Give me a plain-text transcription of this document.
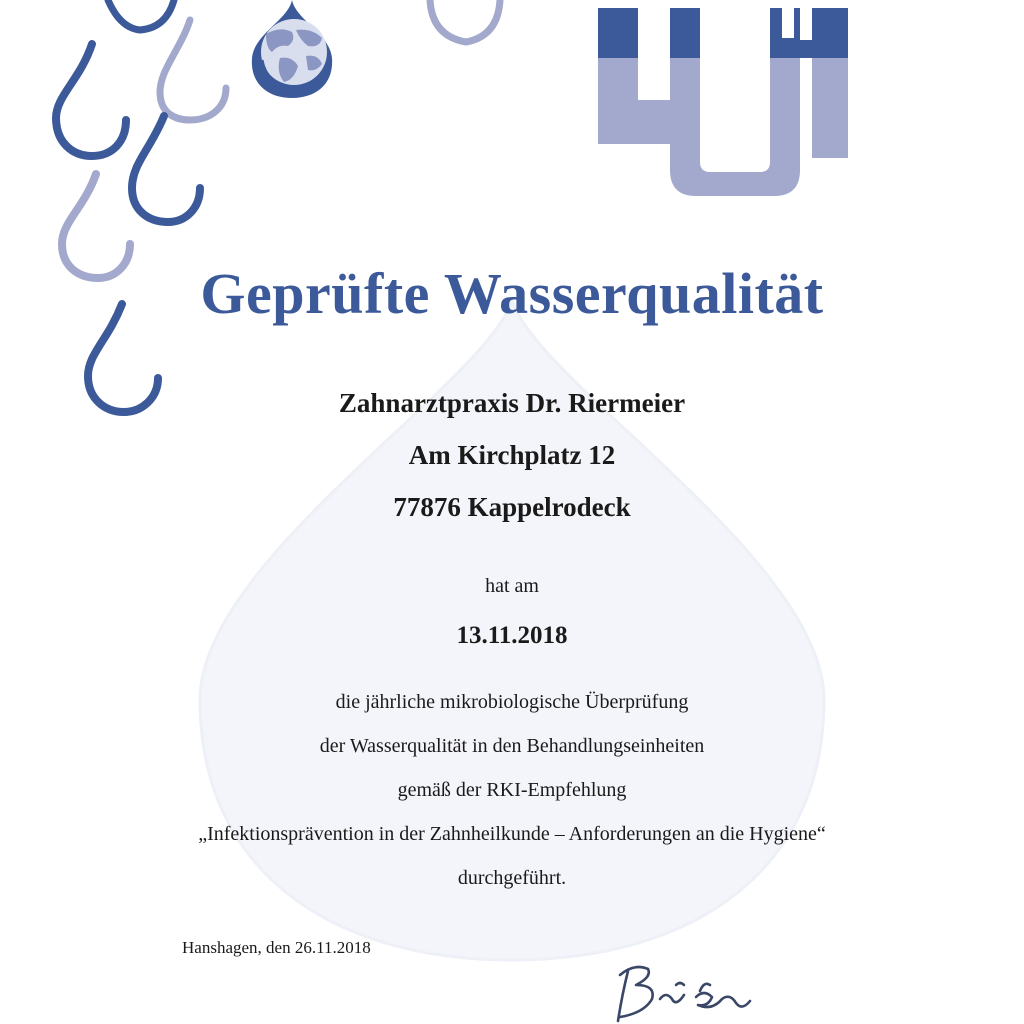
Geprüfte Wasserqualität
Zahnarztpraxis Dr. Riermeier
Am Kirchplatz 12
77876 Kappelrodeck
hat am
13.11.2018
die jährliche mikrobiologische Überprüfung
der Wasserqualität in den Behandlungseinheiten
gemäß der RKI-Empfehlung
„Infektionsprävention in der Zahnheilkunde – Anforderungen an die Hygiene“
durchgeführt.
Hanshagen, den 26.11.2018
